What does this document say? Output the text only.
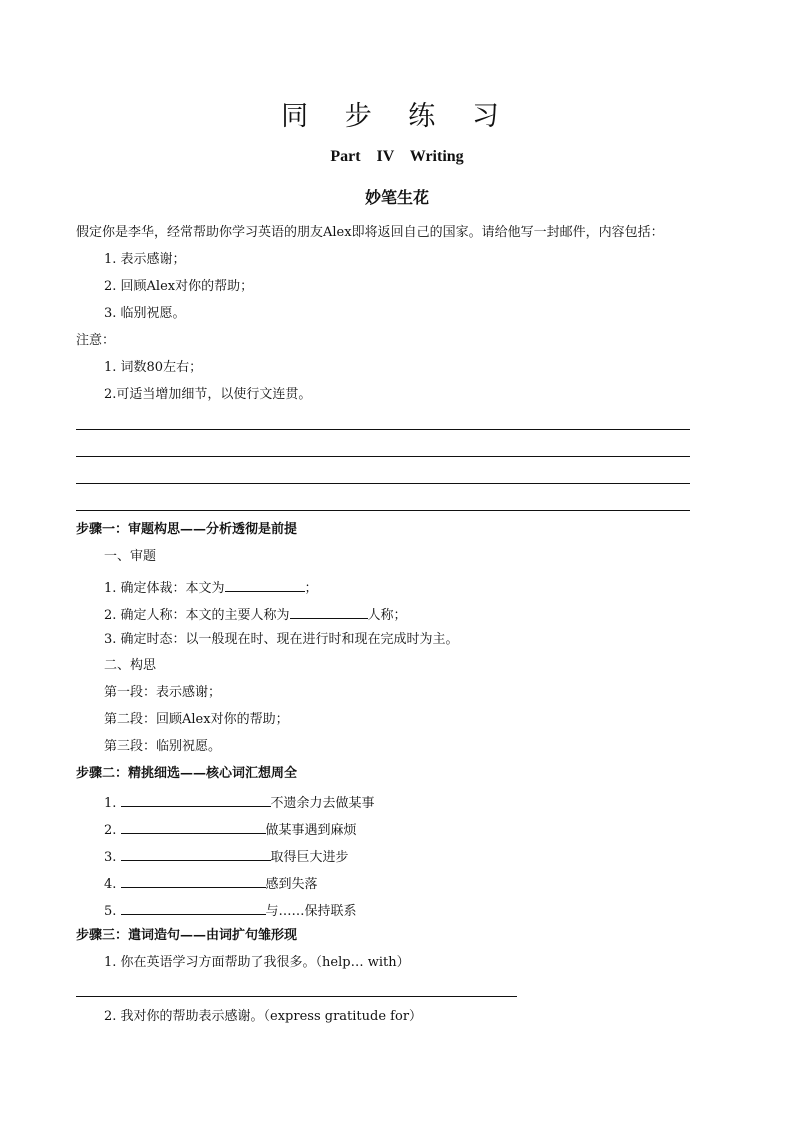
同 步 练 习
Part IV Writing
妙笔生花
假定你是李华，经常帮助你学习英语的朋友Alex即将返回自己的国家。请给他写一封邮件，内容包括：
1. 表示感谢；
2. 回顾Alex对你的帮助；
3. 临别祝愿。
注意：
1. 词数80左右；
2.可适当增加细节，以使行文连贯。
步骤一：审题构思——分析透彻是前提
一、审题
1. 确定体裁：本文为	；
2. 确定人称：本文的主要人称为	人称；
3. 确定时态：以一般现在时、现在进行时和现在完成时为主。
二、构思
第一段：表示感谢；
第二段：回顾Alex对你的帮助；
第三段：临别祝愿。
步骤二：精挑细选——核心词汇想周全
1.	不遗余力去做某事
2.	做某事遇到麻烦
3.	取得巨大进步
4.	感到失落
5.	与……保持联系
步骤三：遣词造句——由词扩句雏形现
1. 你在英语学习方面帮助了我很多。（help… with）
2. 我对你的帮助表示感谢。（express gratitude for）
